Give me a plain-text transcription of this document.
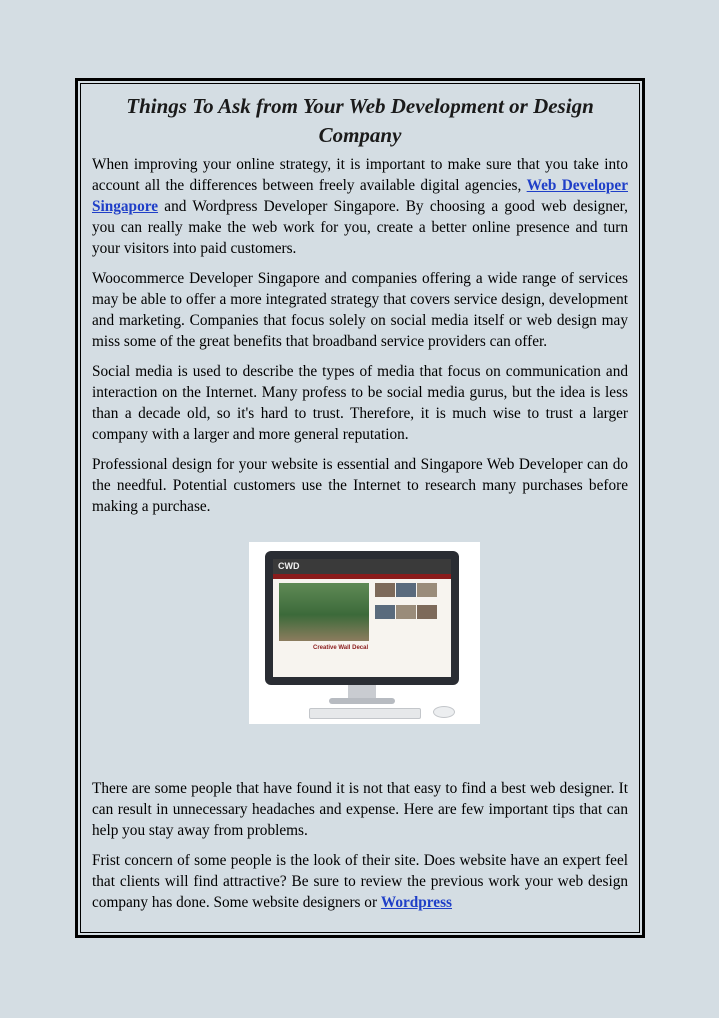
Things To Ask from Your Web Development or Design Company

When improving your online strategy, it is important to make sure that you take into account all the differences between freely available digital agencies, Web Developer Singapore and Wordpress Developer Singapore. By choosing a good web designer, you can really make the web work for you, create a better online presence and turn your visitors into paid customers.

Woocommerce Developer Singapore and companies offering a wide range of services may be able to offer a more integrated strategy that covers service design, development and marketing. Companies that focus solely on social media itself or web design may miss some of the great benefits that broadband service providers can offer.

Social media is used to describe the types of media that focus on communication and interaction on the Internet. Many profess to be social media gurus, but the idea is less than a decade old, so it's hard to trust. Therefore, it is much wise to trust a larger company with a larger and more general reputation.

Professional design for your website is essential and Singapore Web Developer can do the needful. Potential customers use the Internet to research many purchases before making a purchase.

CWD

Creative Wall Decal

There are some people that have found it is not that easy to find a best web designer. It can result in unnecessary headaches and expense. Here are few important tips that can help you stay away from problems.

Frist concern of some people is the look of their site. Does website have an expert feel that clients will find attractive? Be sure to review the previous work your web design company has done. Some website designers or Wordpress
